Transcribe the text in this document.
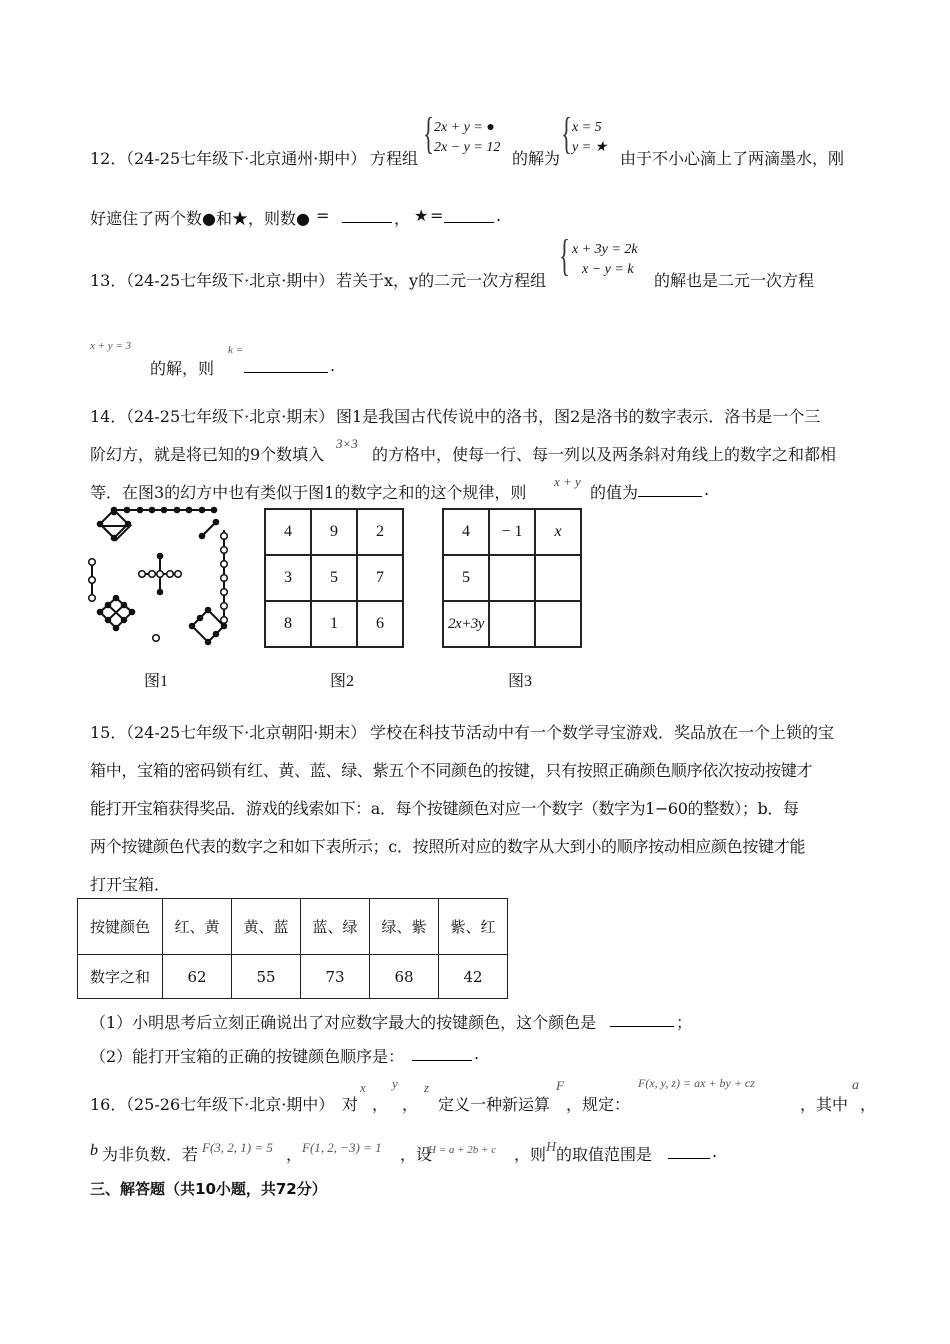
12．
（24-25七年级下·北京通州·期中） 方程组
{ 2x + y = ●
2x − y = 12
的解为
{ x = 5
y = ★
由于不小心滴上了两滴墨水，刚
好遮住了两个数●和★，则数● =	， ★ =	.
13．
（24-25七年级下·北京·期中） 若关于x，y的二元一次方程组
{ x + 3y = 2k
x − y = k
的解也是二元一次方程
x + y = 3
的解，则
k =
.
14．
（24-25七年级下·北京·期末） 图1是我国古代传说中的洛书，图2是洛书的数字表示．洛书是一个三
阶幻方，就是将已知的9个数填入
3×3
的方格中，使每一行、每一列以及两条斜对角线上的数字之和都相
等．在图3的幻方中也有类似于图1的数字之和的这个规律，则
x + y
的值为	.
4	9	2
3	5	7
8	1	6
4	− 1	x
5		
2x+3y		
图1	图2	图3
15．
（24-25七年级下·北京朝阳·期末） 学校在科技节活动中有一个数学寻宝游戏．奖品放在一个上锁的宝
箱中，宝箱的密码锁有红、黄、蓝、绿、紫五个不同颜色的按键，只有按照正确颜色顺序依次按动按键才
能打开宝箱获得奖品．游戏的线索如下：a．每个按键颜色对应一个数字（数字为1−60的整数）；b．每
两个按键颜色代表的数字之和如下表所示；c．按照所对应的数字从大到小的顺序按动相应颜色按键才能
打开宝箱．
按键颜色	红、黄	黄、蓝	蓝、绿	绿、紫	紫、红
数字之和	62	55	73	68	42
（1）小明思考后立刻正确说出了对应数字最大的按键颜色，这个颜色是	；
（2）能打开宝箱的正确的按键颜色顺序是：	.
16．
（25-26七年级下·北京·期中） 对
x
，
y
，
z
定义一种新运算
F
，规定：
F(x, y, z) = ax + by + cz
，其中
a
，
b 为非负数．若 F(3, 2, 1) = 5 ， F(1, 2, −3) = 1 ，设
H = a + 2b + c ，则 H 的取值范围是	.
三、解答题（共10小题，共72分）
